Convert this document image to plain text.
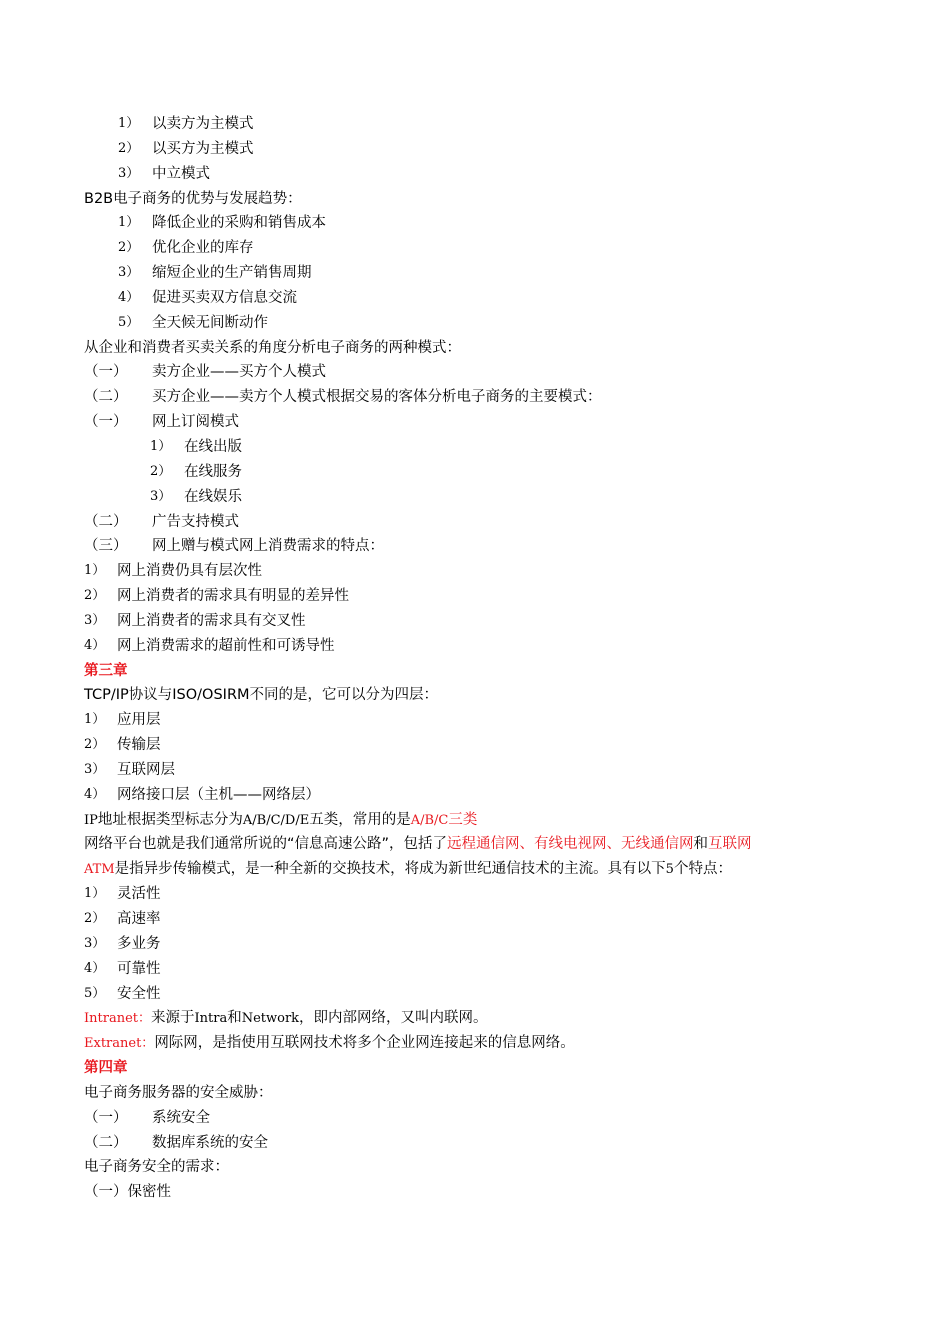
1） 以卖方为主模式
2） 以买方为主模式
3） 中立模式
B2B电子商务的优势与发展趋势：
1） 降低企业的采购和销售成本
2） 优化企业的库存
3） 缩短企业的生产销售周期
4） 促进买卖双方信息交流
5） 全天候无间断动作
从企业和消费者买卖关系的角度分析电子商务的两种模式：
（一） 卖方企业——买方个人模式
（二） 买方企业——卖方个人模式根据交易的客体分析电子商务的主要模式：
（一） 网上订阅模式
1） 在线出版
2） 在线服务
3） 在线娱乐
（二） 广告支持模式
（三） 网上赠与模式网上消费需求的特点：
1） 网上消费仍具有层次性
2） 网上消费者的需求具有明显的差异性
3） 网上消费者的需求具有交叉性
4） 网上消费需求的超前性和可诱导性
第三章
TCP/IP协议与ISO/OSIRM不同的是，它可以分为四层：
1） 应用层
2） 传输层
3） 互联网层
4） 网络接口层（主机——网络层）
IP地址根据类型标志分为A/B/C/D/E五类，常用的是A/B/C三类
网络平台也就是我们通常所说的“信息高速公路”，包括了远程通信网、有线电视网、无线通信网和互联网
ATM是指异步传输模式，是一种全新的交换技术，将成为新世纪通信技术的主流。具有以下5个特点：
1） 灵活性
2） 高速率
3） 多业务
4） 可靠性
5） 安全性
Intranet：来源于Intra和Network，即内部网络，又叫内联网。
Extranet：网际网，是指使用互联网技术将多个企业网连接起来的信息网络。
第四章
电子商务服务器的安全威胁：
（一） 系统安全
（二） 数据库系统的安全
电子商务安全的需求：
（一）保密性
